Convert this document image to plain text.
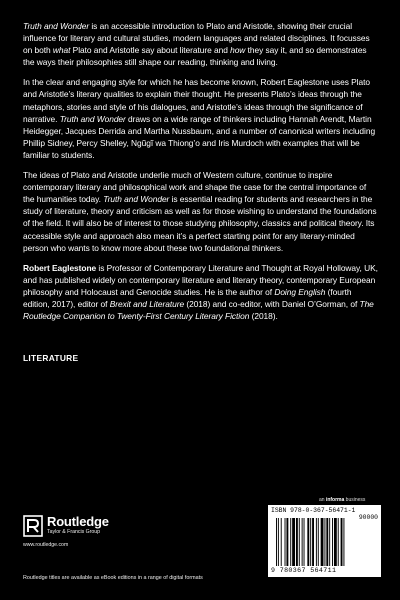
Truth and Wonder is an accessible introduction to Plato and Aristotle, showing their crucial influence for literary and cultural studies, modern languages and related disciplines. It focusses on both what Plato and Aristotle say about literature and how they say it, and so demonstrates the ways their philosophies still shape our reading, thinking and living.

In the clear and engaging style for which he has become known, Robert Eaglestone uses Plato and Aristotle’s literary qualities to explain their thought. He presents Plato’s ideas through the metaphors, stories and style of his dialogues, and Aristotle’s ideas through the significance of narrative. Truth and Wonder draws on a wide range of thinkers including Hannah Arendt, Martin Heidegger, Jacques Derrida and Martha Nussbaum, and a number of canonical writers including Phillip Sidney, Percy Shelley, Ngũgĩ wa Thiong’o and Iris Murdoch with examples that will be familiar to students.

The ideas of Plato and Aristotle underlie much of Western culture, continue to inspire contemporary literary and philosophical work and shape the case for the central importance of the humanities today. Truth and Wonder is essential reading for students and researchers in the study of literature, theory and criticism as well as for those wishing to understand the foundations of the field. It will also be of interest to those studying philosophy, classics and political theory. Its accessible style and approach also mean it’s a perfect starting point for any literary-minded person who wants to know more about these two foundational thinkers.

Robert Eaglestone is Professor of Contemporary Literature and Thought at Royal Holloway, UK, and has published widely on contemporary literature and literary theory, contemporary European philosophy and Holocaust and Genocide studies. He is the author of Doing English (fourth edition, 2017), editor of Brexit and Literature (2018) and co-editor, with Daniel O’Gorman, of The Routledge Companion to Twenty-First Century Literary Fiction (2018).

LITERATURE
an informa business
Routledge
Taylor & Francis Group
www.routledge.com
Routledge titles are available as eBook editions in a range of digital formats
ISBN 978-0-367-56471-1
90000
9 780367 564711
